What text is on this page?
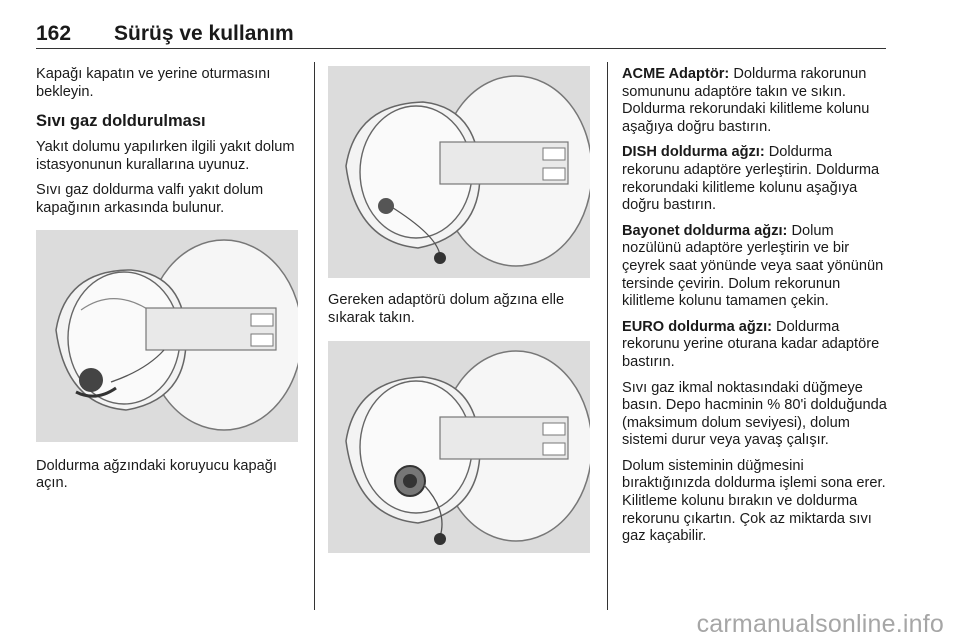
162 Sürüş ve kullanım

Kapağı kapatın ve yerine oturmasını bekleyin.

Sıvı gaz doldurulması

Yakıt dolumu yapılırken ilgili yakıt dolum istasyonunun kurallarına uyunuz.

Sıvı gaz doldurma valfı yakıt dolum kapağının arkasında bulunur.

Doldurma ağzındaki koruyucu kapağı açın.

Gereken adaptörü dolum ağzına elle sıkarak takın.

ACME Adaptör: Doldurma rakorunun somununu adaptöre takın ve sıkın. Doldurma rekorundaki kilitleme kolunu aşağıya doğru bastırın.

DISH doldurma ağzı: Doldurma rekorunu adaptöre yerleştirin. Doldurma rekorundaki kilitleme kolunu aşağıya doğru bastırın.

Bayonet doldurma ağzı: Dolum nozülünü adaptöre yerleştirin ve bir çeyrek saat yönünde veya saat yönünün tersinde çevirin. Dolum rekorunun kilitleme kolunu tamamen çekin.

EURO doldurma ağzı: Doldurma rekorunu yerine oturana kadar adaptöre bastırın.

Sıvı gaz ikmal noktasındaki düğmeye basın. Depo hacminin % 80'i dolduğunda (maksimum dolum seviyesi), dolum sistemi durur veya yavaş çalışır.

Dolum sisteminin düğmesini bıraktığınızda doldurma işlemi sona erer. Kilitleme kolunu bırakın ve doldurma rekorunu çıkartın. Çok az miktarda sıvı gaz kaçabilir.

carmanualsonline.info
